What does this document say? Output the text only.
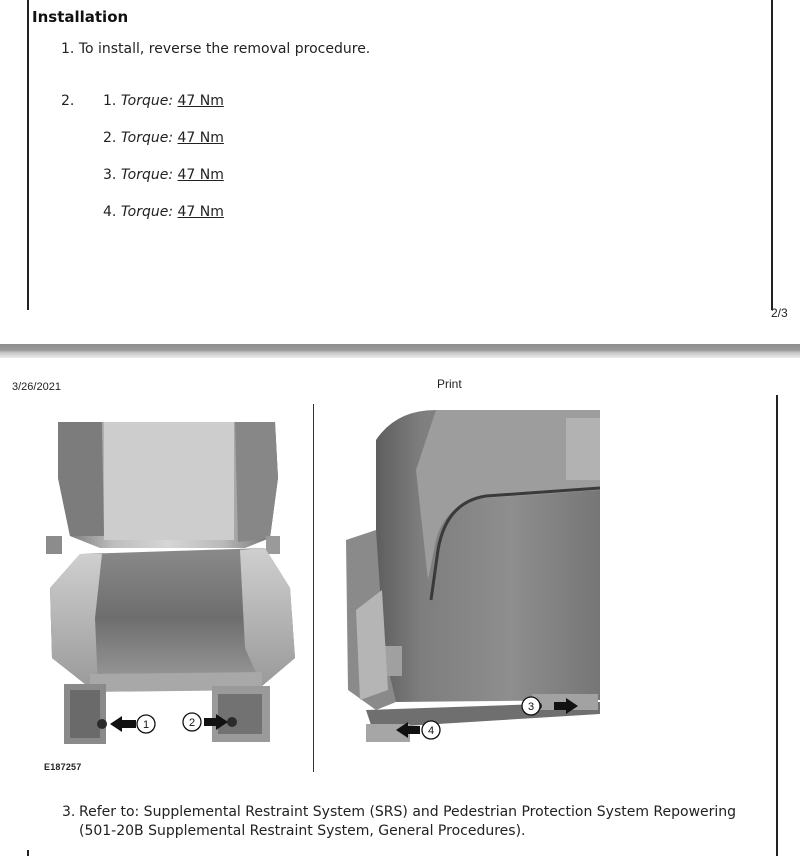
Installation
1. To install, reverse the removal procedure.
2. 1. Torque: 47 Nm
2. Torque: 47 Nm
3. Torque: 47 Nm
4. Torque: 47 Nm
2/3
3/26/2021	Print
1	2
3
4
E187257
3. Refer to: Supplemental Restraint System (SRS) and Pedestrian Protection System Repowering (501-20B Supplemental Restraint System, General Procedures).
